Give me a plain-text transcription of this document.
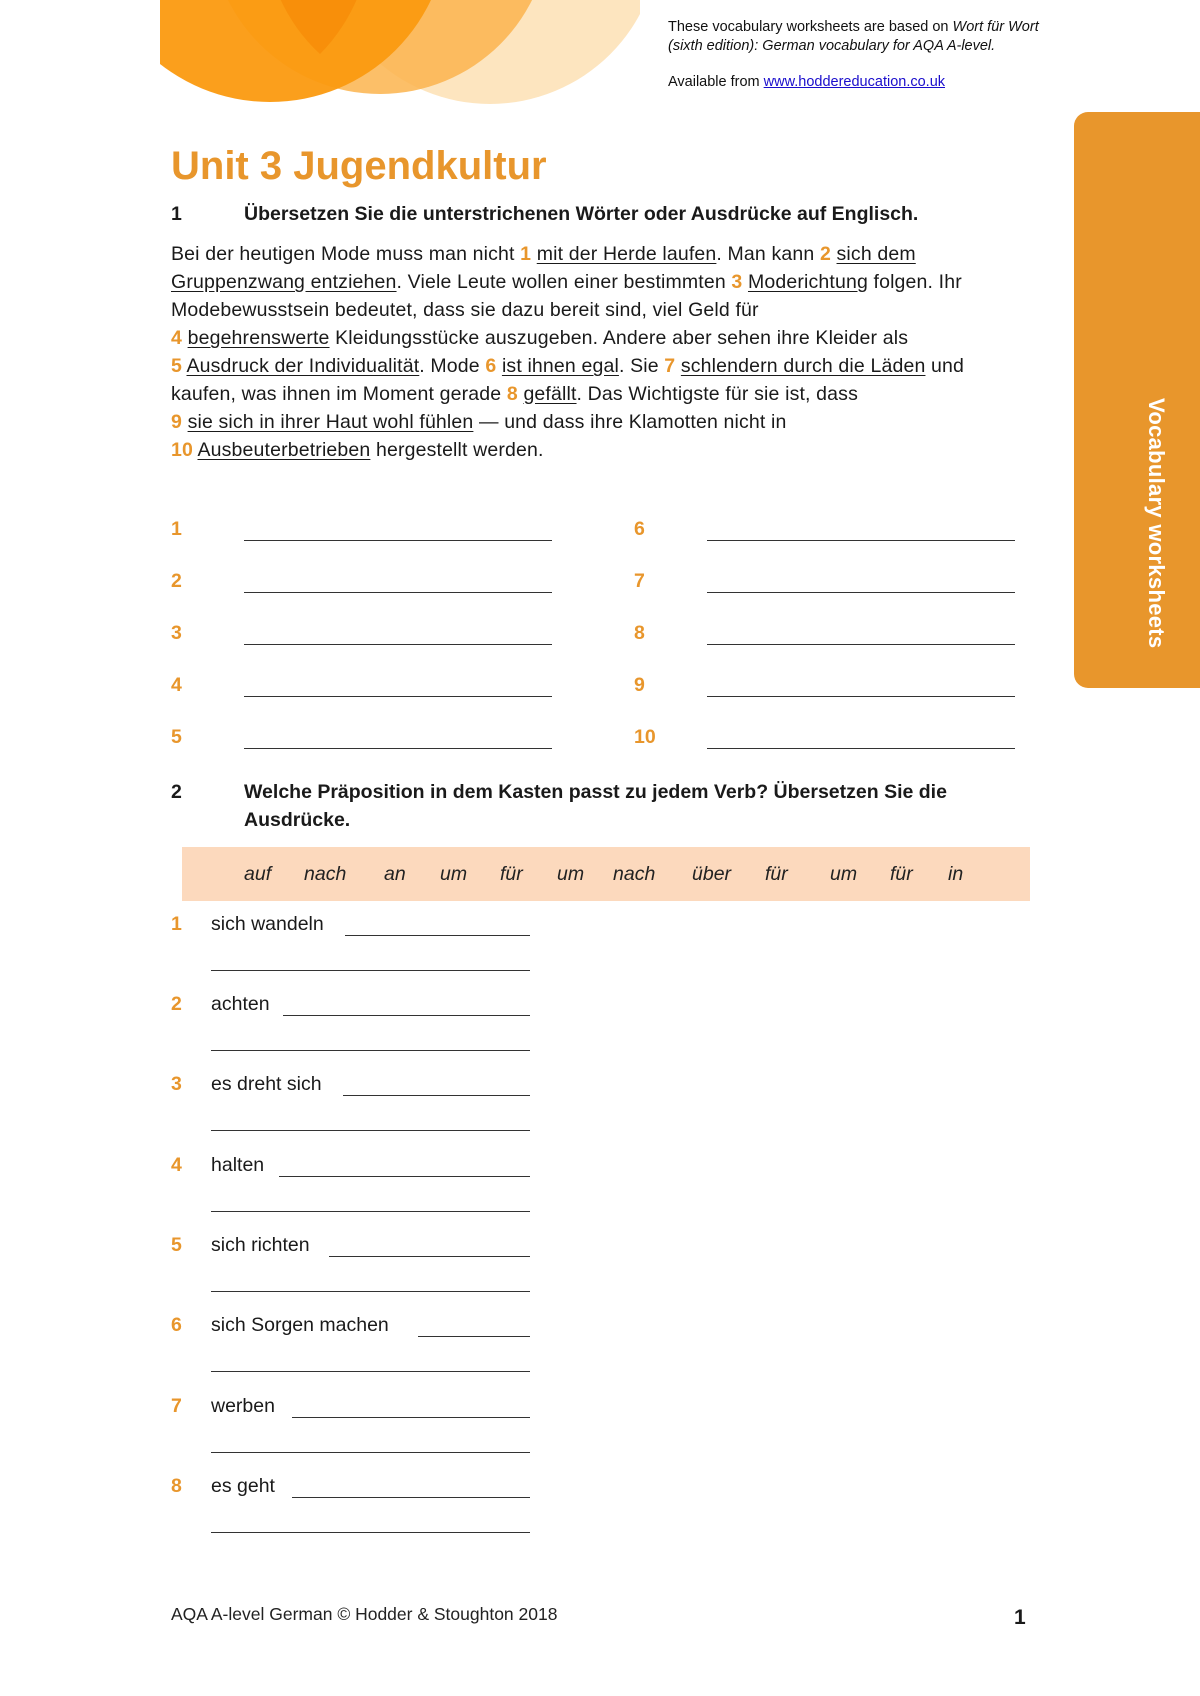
These vocabulary worksheets are based on Wort für Wort
(sixth edition): German vocabulary for AQA A-level.
Available from www.hoddereducation.co.uk
Vocabulary worksheets
Unit 3 Jugendkultur
1	Übersetzen Sie die unterstrichenen Wörter oder Ausdrücke auf Englisch.
Bei der heutigen Mode muss man nicht 1 mit der Herde laufen. Man kann 2 sich dem Gruppenzwang entziehen. Viele Leute wollen einer bestimmten 3 Moderichtung folgen. Ihr Modebewusstsein bedeutet, dass sie dazu bereit sind, viel Geld für
4 begehrenswerte Kleidungsstücke auszugeben. Andere aber sehen ihre Kleider als
5 Ausdruck der Individualität. Mode 6 ist ihnen egal. Sie 7 schlendern durch die Läden und kaufen, was ihnen im Moment gerade 8 gefällt. Das Wichtigste für sie ist, dass
9 sie sich in ihrer Haut wohl fühlen — und dass ihre Klamotten nicht in
10 Ausbeuterbetrieben hergestellt werden.
1
2
3
4
5
6
7
8
9
10
2	Welche Präposition in dem Kasten passt zu jedem Verb? Übersetzen Sie die Ausdrücke.
auf nach an um für um nach über für um für in
1 sich wandeln
2 achten
3 es dreht sich
4 halten
5 sich richten
6 sich Sorgen machen
7 werben
8 es geht
AQA A-level German © Hodder & Stoughton 2018	1
